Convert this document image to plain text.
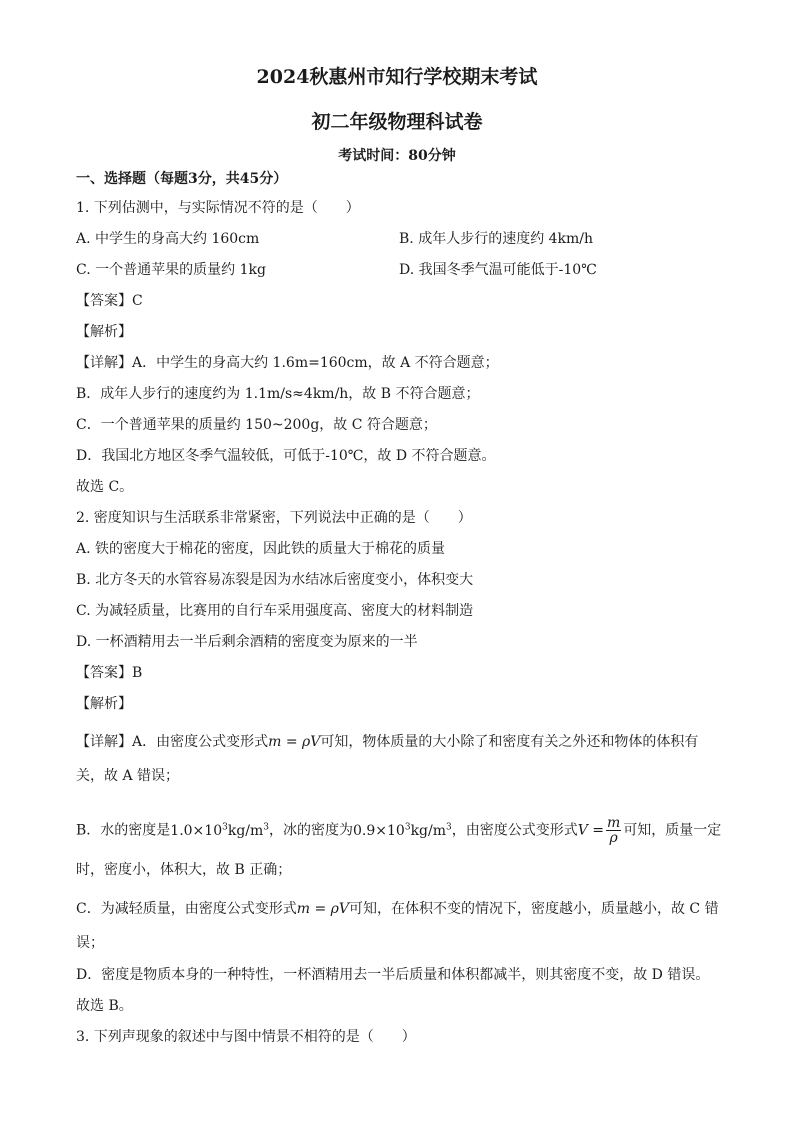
2024秋惠州市知行学校期末考试
初二年级物理科试卷
考试时间：80分钟
一、选择题（每题3分，共45分）
1. 下列估测中，与实际情况不符的是（　　）
A. 中学生的身高大约 160cm	B. 成年人步行的速度约 4km/h
C. 一个普通苹果的质量约 1kg	D. 我国冬季气温可能低于-10℃
【答案】C
【解析】
【详解】A．中学生的身高大约 1.6m=160cm，故 A 不符合题意；
B．成年人步行的速度约为 1.1m/s≈4km/h，故 B 不符合题意；
C．一个普通苹果的质量约 150~200g，故 C 符合题意；
D．我国北方地区冬季气温较低，可低于-10℃，故 D 不符合题意。
故选 C。
2. 密度知识与生活联系非常紧密，下列说法中正确的是（　　）
A. 铁的密度大于棉花的密度，因此铁的质量大于棉花的质量
B. 北方冬天的水管容易冻裂是因为水结冰后密度变小，体积变大
C. 为减轻质量，比赛用的自行车采用强度高、密度大的材料制造
D. 一杯酒精用去一半后剩余酒精的密度变为原来的一半
【答案】B
【解析】
【详解】A．由密度公式变形式m = ρV可知，物体质量的大小除了和密度有关之外还和物体的体积有
关，故 A 错误；
B．水的密度是$1.0\times 10^3kg/m^3$，冰的密度为$0.9\times 10^3kg/m^3$，由密度公式变形式$V = \frac{m}{\rho}$ 可知，质量一定
时，密度小，体积大，故 B 正确；
C．为减轻质量，由密度公式变形式m = ρV可知，在体积不变的情况下，密度越小，质量越小，故 C 错
误；
D．密度是物质本身的一种特性，一杯酒精用去一半后质量和体积都减半，则其密度不变，故 D 错误。
故选 B。
3. 下列声现象的叙述中与图中情景不相符的是（　　）
